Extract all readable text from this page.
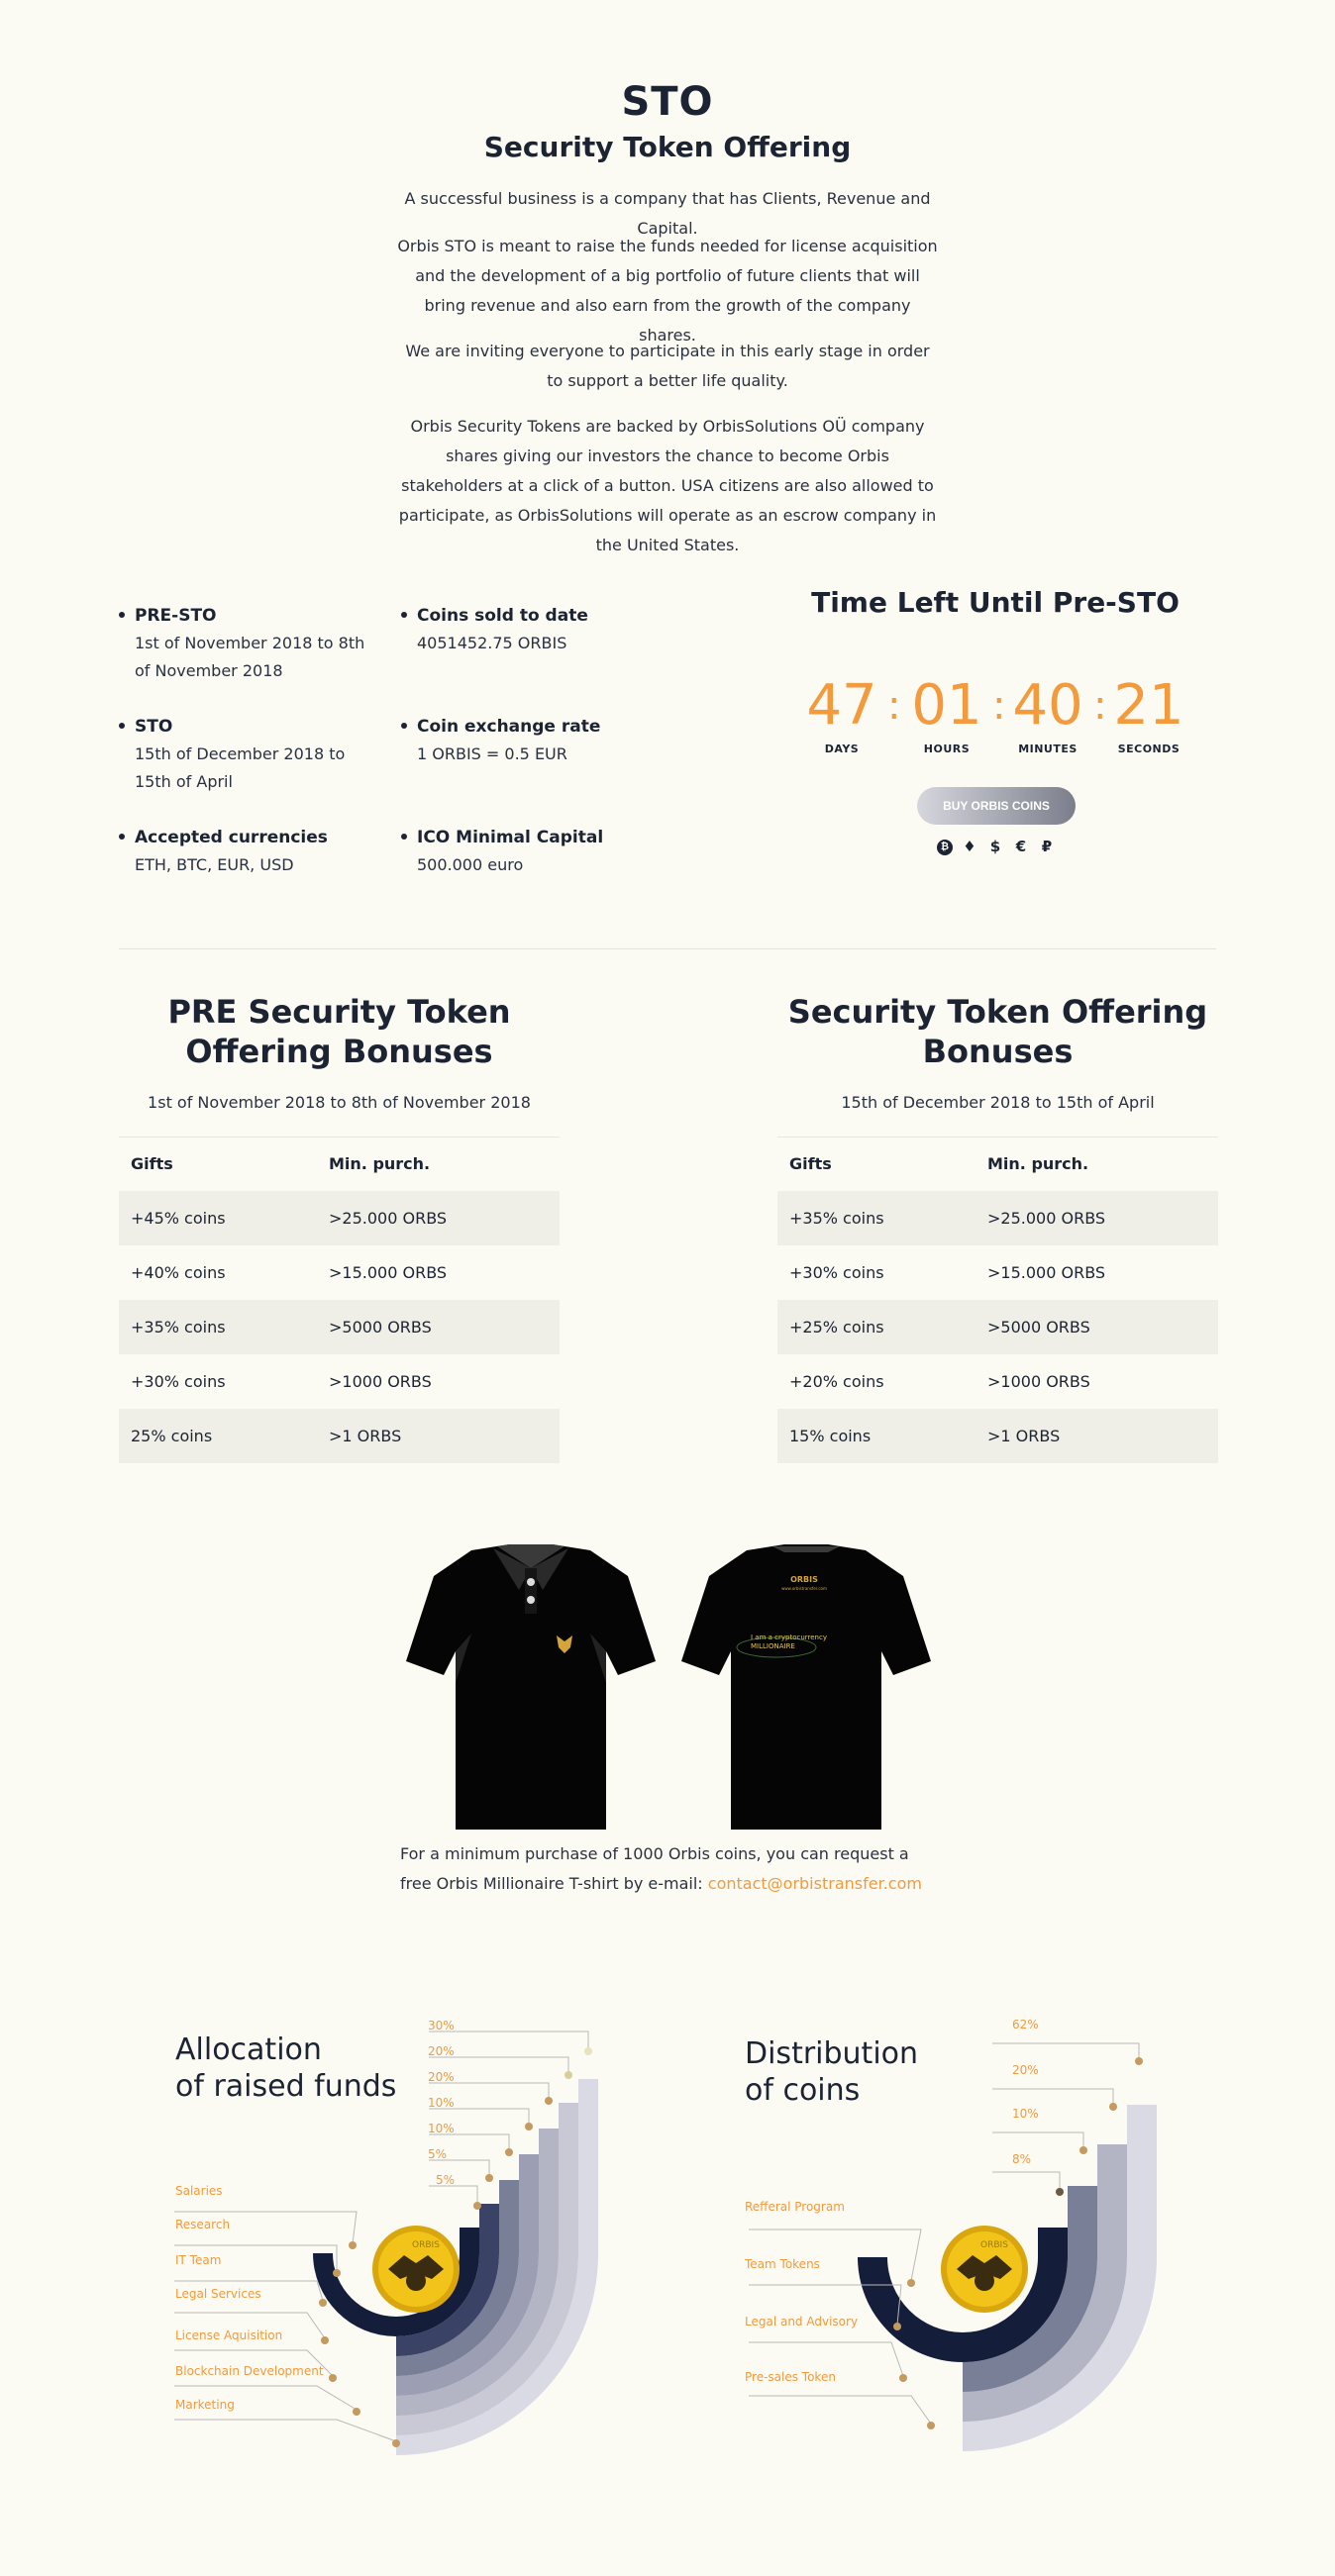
STO
Security Token Offering

A successful business is a company that has Clients, Revenue and Capital.

Orbis STO is meant to raise the funds needed for license acquisition and the development of a big portfolio of future clients that will bring revenue and also earn from the growth of the company shares.

We are inviting everyone to participate in this early stage in order to support a better life quality.

Orbis Security Tokens are backed by OrbisSolutions OÜ company shares giving our investors the chance to become Orbis stakeholders at a click of a button. USA citizens are also allowed to participate, as OrbisSolutions will operate as an escrow company in the United States.

PRE-STO
1st of November 2018 to 8th of November 2018
STO
15th of December 2018 to 15th of April
Accepted currencies
ETH, BTC, EUR, USD
Coins sold to date
4051452.75 ORBIS
Coin exchange rate
1 ORBIS = 0.5 EUR
ICO Minimal Capital
500.000 euro
Time Left Until Pre-STO
47
DAYS
: 01
HOURS
: 40
MINUTES
: 21
SECONDS
BUY ORBIS COINS
₿ ♦ $ € ₽
PRE Security Token Offering Bonuses
1st of November 2018 to 8th of November 2018
Gifts	Min. purch.
+45% coins	>25.000 ORBS
+40% coins	>15.000 ORBS
+35% coins	>5000 ORBS
+30% coins	>1000 ORBS
25% coins	>1 ORBS
Security Token Offering Bonuses
15th of December 2018 to 15th of April
Gifts	Min. purch.
+35% coins	>25.000 ORBS
+30% coins	>15.000 ORBS
+25% coins	>5000 ORBS
+20% coins	>1000 ORBS
15% coins	>1 ORBS
ORBIS
www.orbistransfer.com
I am a cryptocurrency
MILLIONAIRE

For a minimum purchase of 1000 Orbis coins, you can request a free Orbis Millionaire T-shirt by e-mail: contact@orbistransfer.com

Allocation
of raised funds
ORBIS
30%
20%
20%
10%
10%
5%
5%
Salaries
Research
IT Team
Legal Services
License Aquisition
Blockchain Development
Marketing
Distribution
of coins
ORBIS
62%
20%
10%
8%
Refferal Program
Team Tokens
Legal and Advisory
Pre-sales Token
